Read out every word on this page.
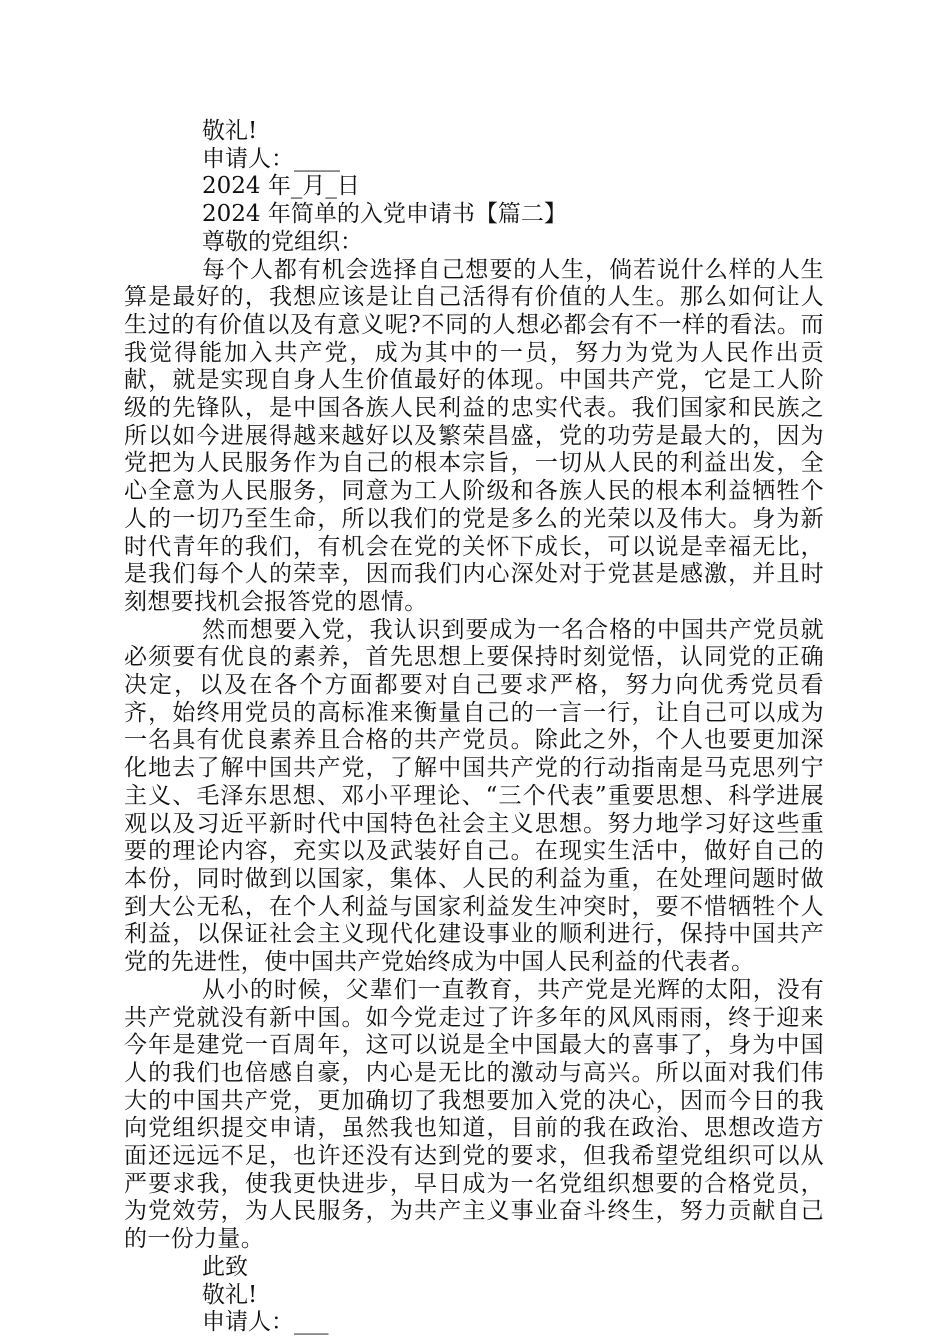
敬礼!
申请人：____
2024 年_月_日
2024 年简单的入党申请书【篇二】
尊敬的党组织：
每个人都有机会选择自己想要的人生，倘若说什么样的人生算是最好的，我想应该是让自己活得有价值的人生。那么如何让人生过的有价值以及有意义呢?不同的人想必都会有不一样的看法。而我觉得能加入共产党，成为其中的一员，努力为党为人民作出贡献，就是实现自身人生价值最好的体现。中国共产党，它是工人阶级的先锋队，是中国各族人民利益的忠实代表。我们国家和民族之所以如今进展得越来越好以及繁荣昌盛，党的功劳是最大的，因为党把为人民服务作为自己的根本宗旨，一切从人民的利益出发，全心全意为人民服务，同意为工人阶级和各族人民的根本利益牺牲个人的一切乃至生命，所以我们的党是多么的光荣以及伟大。身为新时代青年的我们，有机会在党的关怀下成长，可以说是幸福无比，是我们每个人的荣幸，因而我们内心深处对于党甚是感激，并且时刻想要找机会报答党的恩情。
然而想要入党，我认识到要成为一名合格的中国共产党员就必须要有优良的素养，首先思想上要保持时刻觉悟，认同党的正确决定，以及在各个方面都要对自己要求严格，努力向优秀党员看齐，始终用党员的高标准来衡量自己的一言一行，让自己可以成为一名具有优良素养且合格的共产党员。除此之外，个人也要更加深化地去了解中国共产党，了解中国共产党的行动指南是马克思列宁主义、毛泽东思想、邓小平理论、“三个代表”重要思想、科学进展观以及习近平新时代中国特色社会主义思想。努力地学习好这些重要的理论内容，充实以及武装好自己。在现实生活中，做好自己的本份，同时做到以国家，集体、人民的利益为重，在处理问题时做到大公无私，在个人利益与国家利益发生冲突时，要不惜牺牲个人利益，以保证社会主义现代化建设事业的顺利进行，保持中国共产党的先进性，使中国共产党始终成为中国人民利益的代表者。
从小的时候，父辈们一直教育，共产党是光辉的太阳，没有共产党就没有新中国。如今党走过了许多年的风风雨雨，终于迎来今年是建党一百周年，这可以说是全中国最大的喜事了，身为中国人的我们也倍感自豪，内心是无比的激动与高兴。所以面对我们伟大的中国共产党，更加确切了我想要加入党的决心，因而今日的我向党组织提交申请，虽然我也知道，目前的我在政治、思想改造方面还远远不足，也许还没有达到党的要求，但我希望党组织可以从严要求我，使我更快进步，早日成为一名党组织想要的合格党员，为党效劳，为人民服务，为共产主义事业奋斗终生，努力贡献自己的一份力量。
此致
敬礼!
申请人：___
